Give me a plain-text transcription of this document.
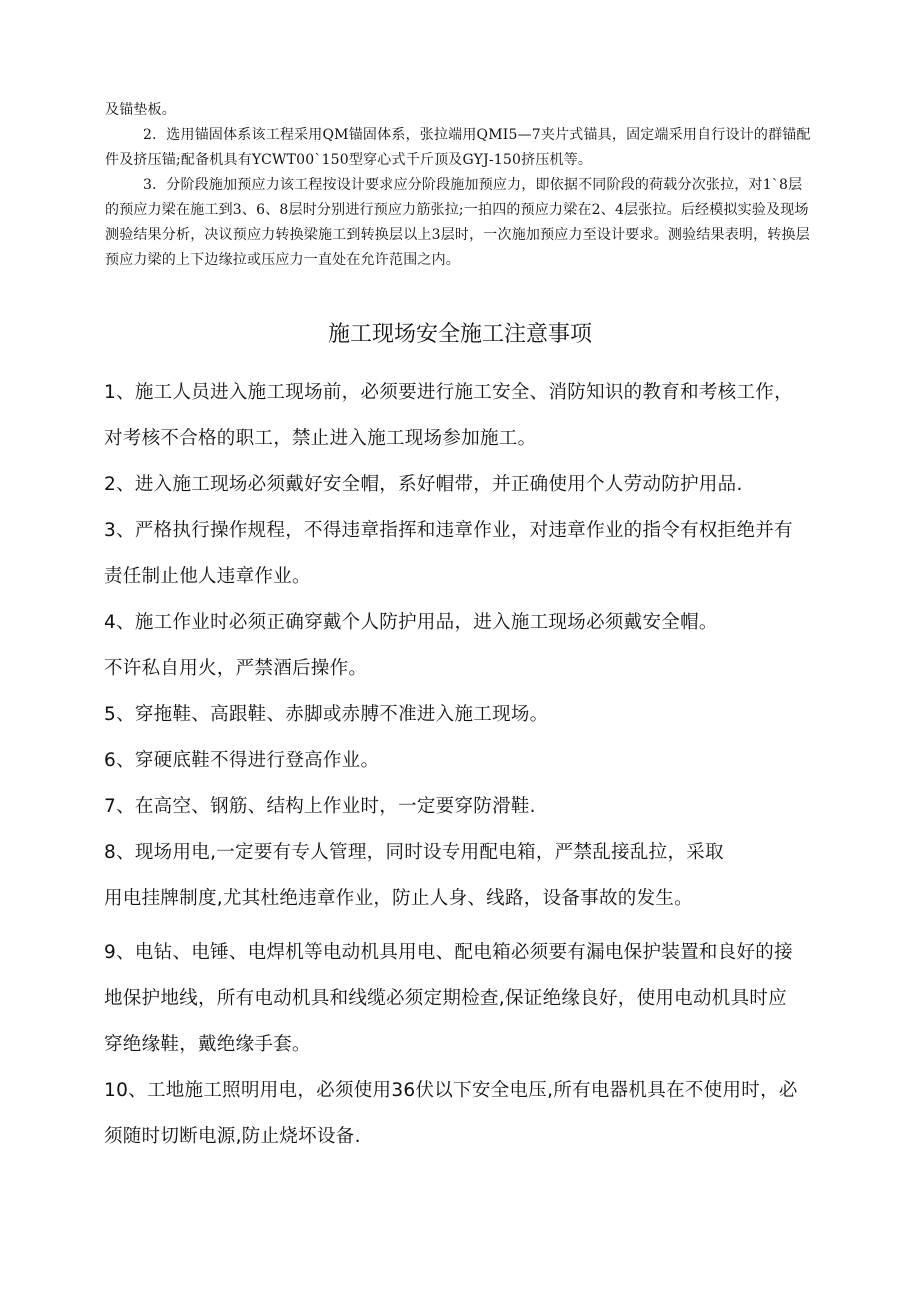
及锚垫板。

2．选用锚固体系该工程采用QM锚固体系，张拉端用QMI5—7夹片式锚具，固定端采用自行设计的群锚配件及挤压锚;配备机具有YCWT00`150型穿心式千斤顶及GYJ-150挤压机等。

3．分阶段施加预应力该工程按设计要求应分阶段施加预应力，即依据不同阶段的荷载分次张拉，对1`8层的预应力梁在施工到3、6、8层时分别进行预应力筋张拉;一拍四的预应力梁在2、4层张拉。后经模拟实验及现场测验结果分析，决议预应力转换梁施工到转换层以上3层时，一次施加预应力至设计要求。测验结果表明，转换层预应力梁的上下边缘拉或压应力一直处在允许范围之内。

施工现场安全施工注意事项

1、施工人员进入施工现场前，必须要进行施工安全、消防知识的教育和考核工作，对考核不合格的职工，禁止进入施工现场参加施工。

2、进入施工现场必须戴好安全帽，系好帽带，并正确使用个人劳动防护用品.

3、严格执行操作规程，不得违章指挥和违章作业，对违章作业的指令有权拒绝并有责任制止他人违章作业。

4、施工作业时必须正确穿戴个人防护用品，进入施工现场必须戴安全帽。

不许私自用火，严禁酒后操作。

5、穿拖鞋、高跟鞋、赤脚或赤膊不准进入施工现场。

6、穿硬底鞋不得进行登高作业。

7、在高空、钢筋、结构上作业时，一定要穿防滑鞋.

8、现场用电,一定要有专人管理，同时设专用配电箱，严禁乱接乱拉，采取

用电挂牌制度,尤其杜绝违章作业，防止人身、线路，设备事故的发生。

9、电钻、电锤、电焊机等电动机具用电、配电箱必须要有漏电保护装置和良好的接地保护地线，所有电动机具和线缆必须定期检查,保证绝缘良好，使用电动机具时应穿绝缘鞋，戴绝缘手套。

10、工地施工照明用电，必须使用36伏以下安全电压,所有电器机具在不使用时，必须随时切断电源,防止烧坏设备.
